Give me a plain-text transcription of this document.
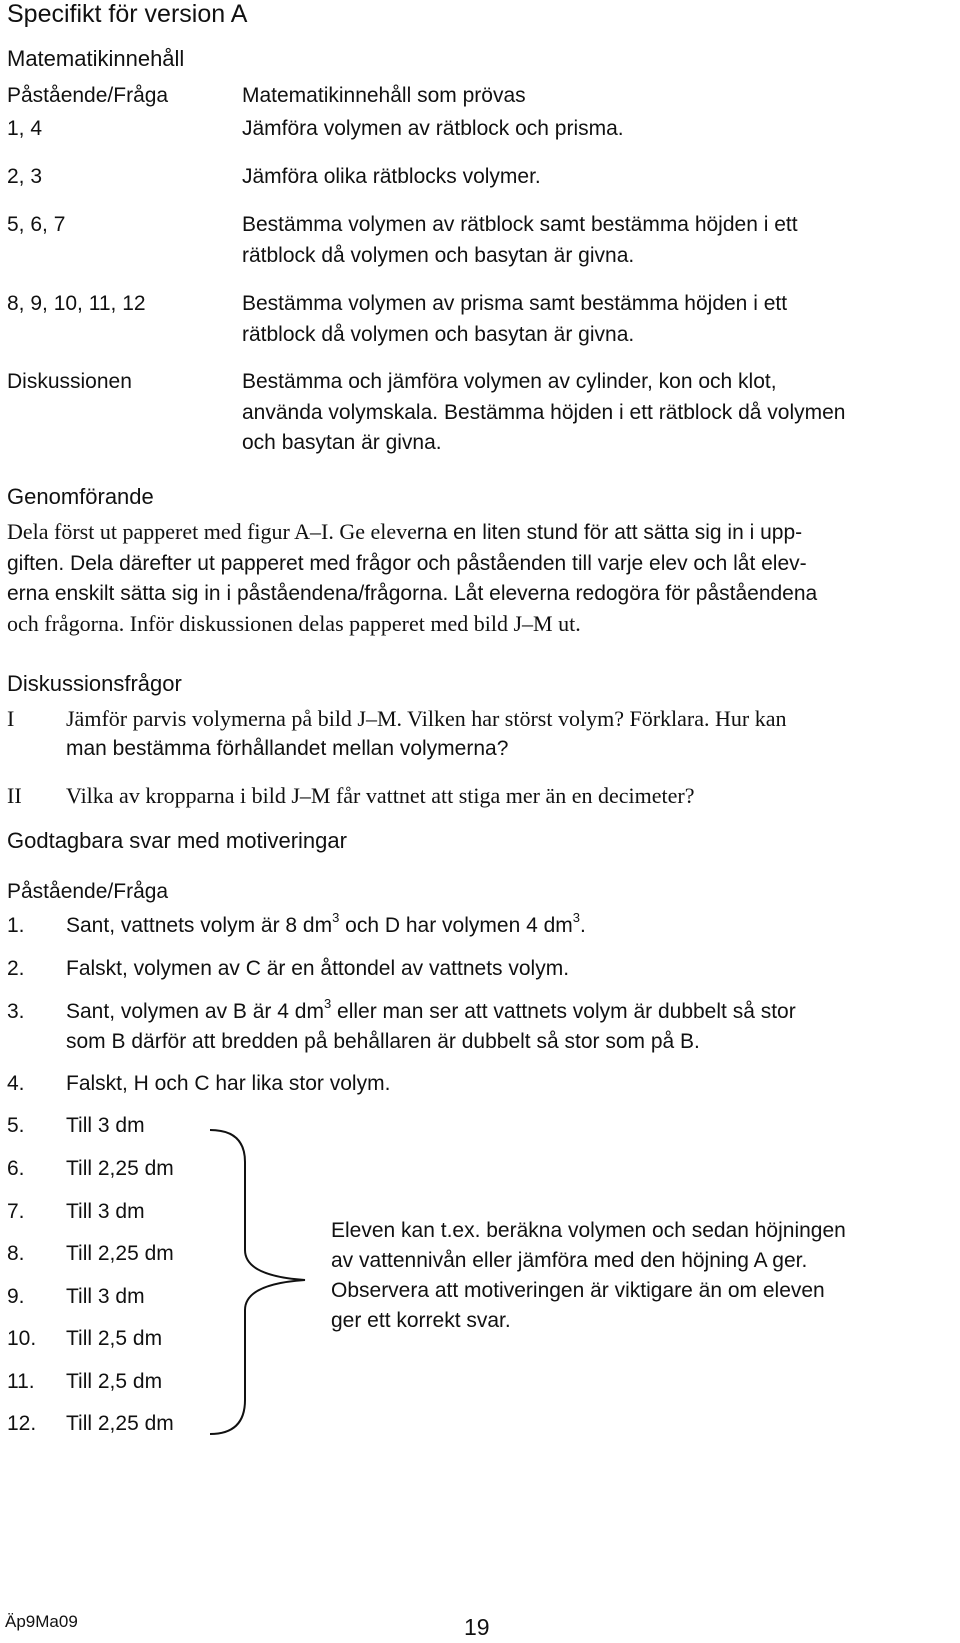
Specifikt för version A
Matematikinnehåll
Påstående/Fråga	Matematikinnehåll som prövas
1, 4	Jämföra volymen av rätblock och prisma.
2, 3	Jämföra olika rätblocks volymer.
5, 6, 7	Bestämma volymen av rätblock samt bestämma höjden i ett
rätblock då volymen och basytan är givna.
8, 9, 10, 11, 12	Bestämma volymen av prisma samt bestämma höjden i ett
rätblock då volymen och basytan är givna.
Diskussionen	Bestämma och jämföra volymen av cylinder, kon och klot,
använda volymskala. Bestämma höjden i ett rätblock då volymen
och basytan är givna.
Genomförande
Dela först ut papperet med figur A–I. Ge eleverna en liten stund för att sätta sig in i upp-
giften. Dela därefter ut papperet med frågor och påståenden till varje elev och låt elev-
erna enskilt sätta sig in i påståendena/frågorna. Låt eleverna redogöra för påståendena
och frågorna. Inför diskussionen delas papperet med bild J–M ut.
Diskussionsfrågor
I Jämför parvis volymerna på bild J–M. Vilken har störst volym? Förklara. Hur kan
man bestämma förhållandet mellan volymerna?
II Vilka av kropparna i bild J–M får vattnet att stiga mer än en decimeter?
Godtagbara svar med motiveringar
Påstående/Fråga
1. Sant, vattnets volym är 8 $dm^3$ och D har volymen 4 $dm^3$.
2. Falskt, volymen av C är en åttondel av vattnets volym.
3. Sant, volymen av B är 4 $dm^3$ eller man ser att vattnets volym är dubbelt så stor
som B därför att bredden på behållaren är dubbelt så stor som på B.
4. Falskt, H och C har lika stor volym.
5. Till 3 dm
6. Till 2,25 dm
7. Till 3 dm
8. Till 2,25 dm
9. Till 3 dm
10. Till 2,5 dm
11. Till 2,5 dm
12. Till 2,25 dm
Eleven kan t.ex. beräkna volymen och sedan höjningen
av vattennivån eller jämföra med den höjning A ger.
Observera att motiveringen är viktigare än om eleven
ger ett korrekt svar.
Äp9Ma09	19
